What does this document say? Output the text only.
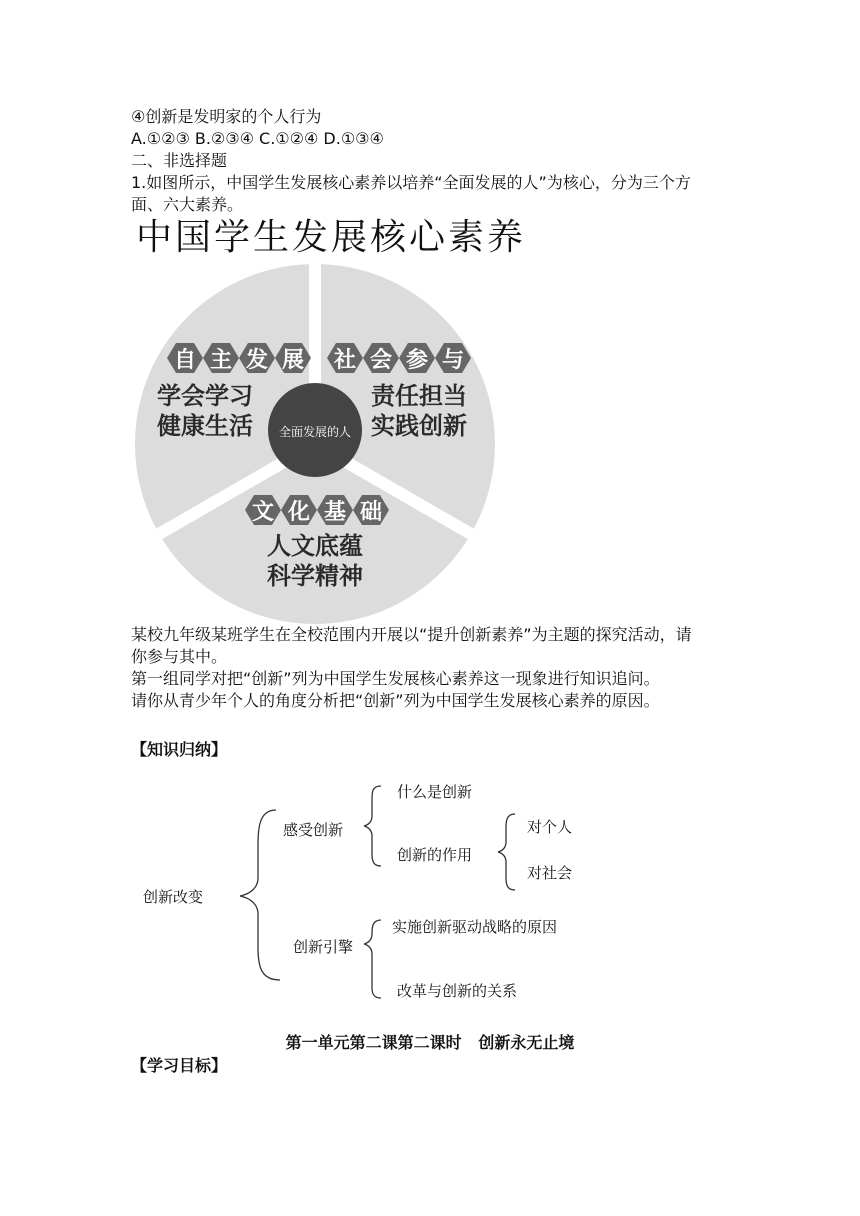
④创新是发明家的个人行为
A.①②③ B.②③④ C.①②④ D.①③④
二、非选择题
1.如图所示，中国学生发展核心素养以培养“全面发展的人”为核心，分为三个方
面、六大素养。
中国学生发展核心素养
自 主 发 展
学会学习
健康生活
社 会 参 与
责任担当
实践创新
文 化 基 础
人文底蕴
科学精神
全面发展的人
某校九年级某班学生在全校范围内开展以“提升创新素养”为主题的探究活动，请
你参与其中。
第一组同学对把“创新”列为中国学生发展核心素养这一现象进行知识追问。
请你从青少年个人的角度分析把“创新”列为中国学生发展核心素养的原因。
【知识归纳】
创新改变
感受创新
什么是创新
创新的作用
对个人
对社会
创新引擎
实施创新驱动战略的原因
改革与创新的关系
第一单元第二课第二课时   创新永无止境
【学习目标】
